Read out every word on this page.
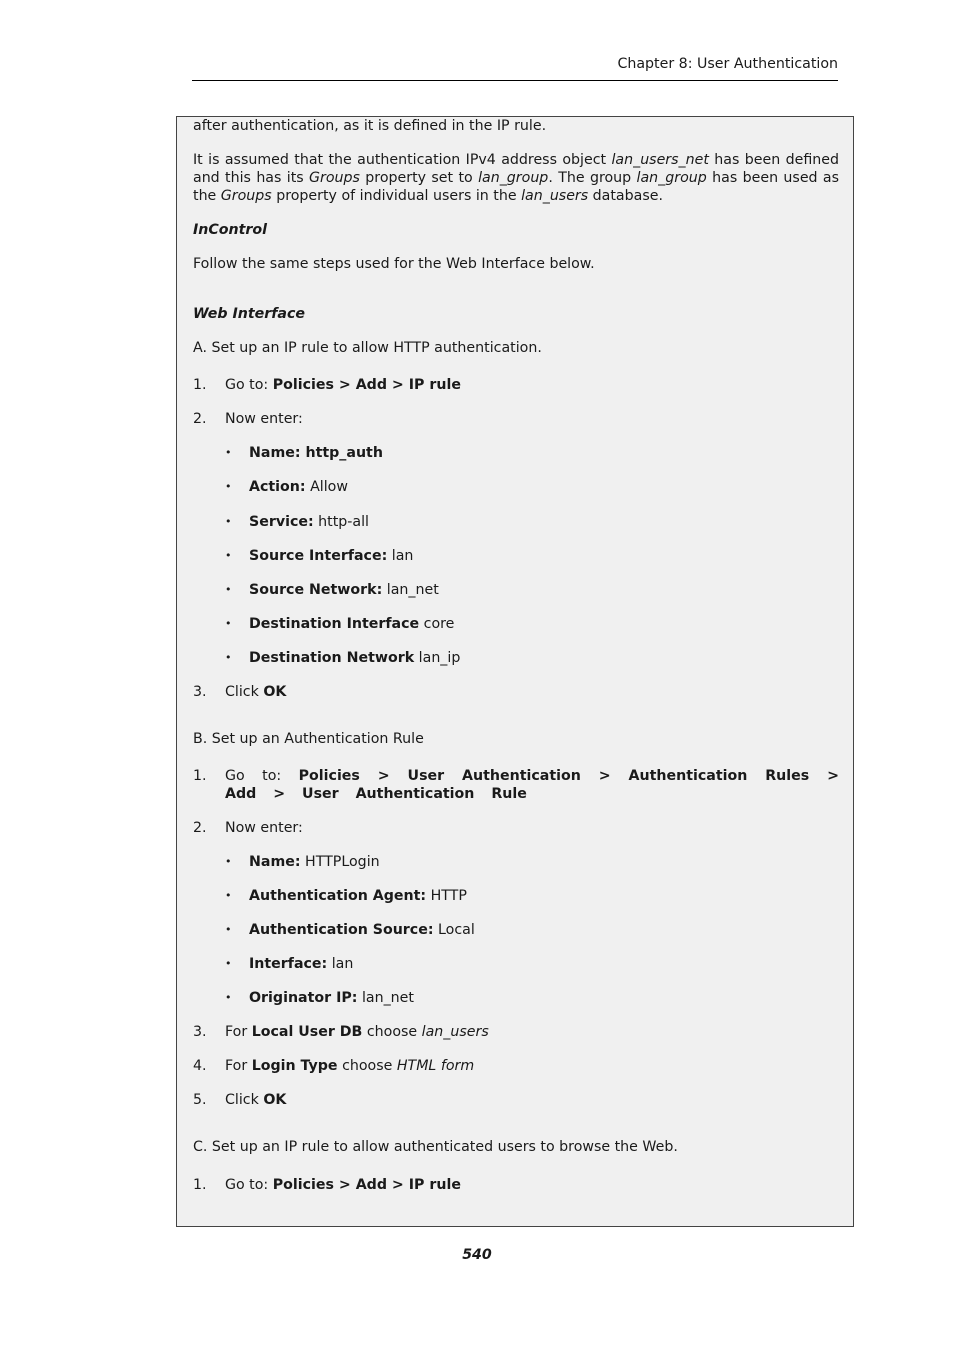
Chapter 8: User Authentication
after authentication, as it is defined in the IP rule.
It is assumed that the authentication IPv4 address object lan_users_net has been defined and this has its Groups property set to lan_group. The group lan_group has been used as the Groups property of individual users in the lan_users database.
InControl
Follow the same steps used for the Web Interface below.
Web Interface
A. Set up an IP rule to allow HTTP authentication.
1.	Go to: Policies > Add > IP rule
2.	Now enter:
•	Name: http_auth
•	Action: Allow
•	Service: http-all
•	Source Interface: lan
•	Source Network: lan_net
•	Destination Interface core
•	Destination Network lan_ip
3.	Click OK
B. Set up an Authentication Rule
1.	Go to: Policies > User Authentication > Authentication Rules > Add > User Authentication Rule
2.	Now enter:
•	Name: HTTPLogin
•	Authentication Agent: HTTP
•	Authentication Source: Local
•	Interface: lan
•	Originator IP: lan_net
3.	For Local User DB choose lan_users
4.	For Login Type choose HTML form
5.	Click OK
C. Set up an IP rule to allow authenticated users to browse the Web.
1.	Go to: Policies > Add > IP rule
540
